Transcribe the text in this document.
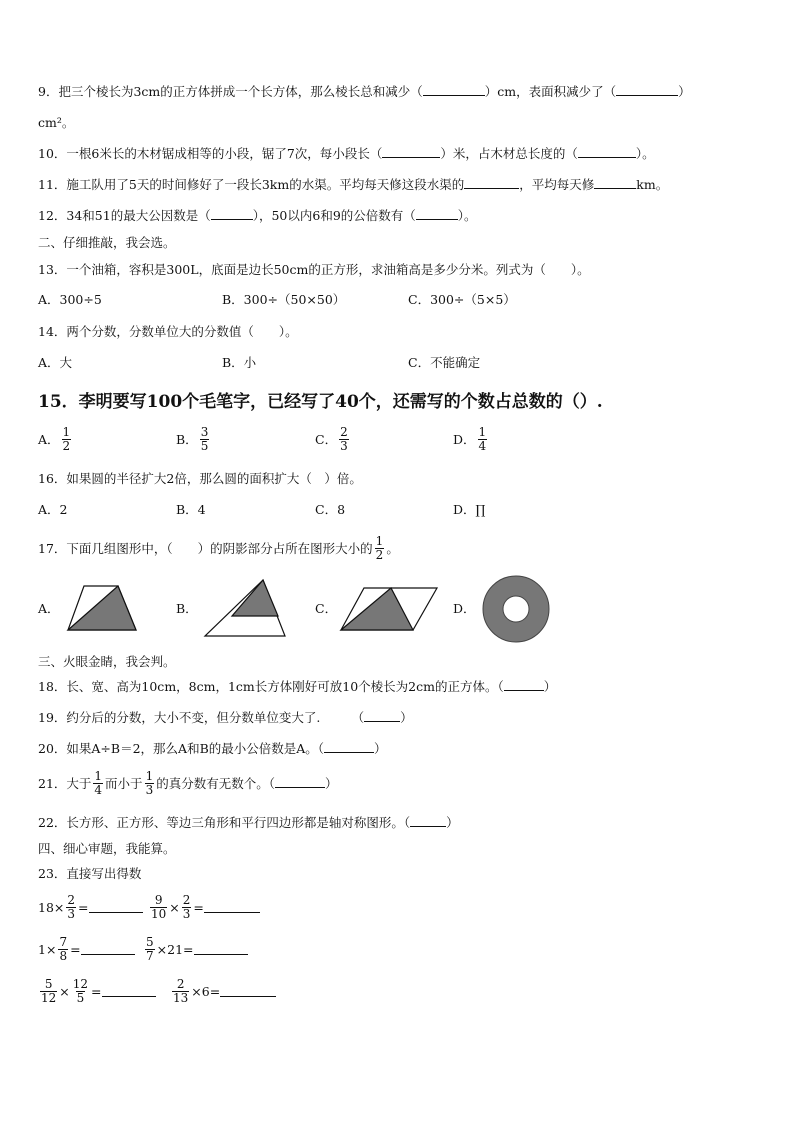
9．把三个棱长为3cm的正方体拼成一个长方体，那么棱长总和减少（	）cm，表面积减少了（	）
cm²。
10．一根6米长的木材锯成相等的小段，锯了7次，每小段长（	）米，占木材总长度的（	）。
11．施工队用了5天的时间修好了一段长3km的水渠。平均每天修这段水渠的	，平均每天修	km。
12．34和51的最大公因数是（	），50以内6和9的公倍数有（	）。
二、仔细推敲，我会选。
13．一个油箱，容积是300L，底面是边长50cm的正方形，求油箱高是多少分米。列式为（　　）。
A．300÷5	B．300÷（50×50）	C．300÷（5×5）
14．两个分数，分数单位大的分数值（　　）。
A．大	B．小	C．不能确定
15．李明要写100个毛笔字，已经写了40个，还需写的个数占总数的（）.
A． $\frac{1}{2}$	B． $\frac{3}{5}$	C． $\frac{2}{3}$	D． $\frac{1}{4}$
16．如果圆的半径扩大2倍，那么圆的面积扩大（　）倍。
A．2	B．4	C．8	D．∏
17．下面几组图形中，（　　）的阴影部分占所在图形大小的 $\frac{1}{2}$ 。
A．	B．	C．	D．
三、火眼金睛，我会判。
18．长、宽、高为10cm，8cm，1cm长方体刚好可放10个棱长为2cm的正方体。（	）
19．约分后的分数，大小不变，但分数单位变大了.　　　（	）
20．如果A÷B＝2，那么A和B的最小公倍数是A。（	）
21．大于 $\frac{1}{4}$ 而小于 $\frac{1}{3}$ 的真分数有无数个。（	）
22．长方形、正方形、等边三角形和平行四边形都是轴对称图形。（	）
四、细心审题，我能算。
23．直接写出得数
$18\times \frac{2}{3}$ =	$\frac{9}{10} \times \frac{2}{3}$ =
$1\times \frac{7}{8}$ =	$\frac{5}{7} \times 21=$
$\frac{5}{12} \times \frac{12}{5}$ =	$\frac{2}{13} \times 6=$
